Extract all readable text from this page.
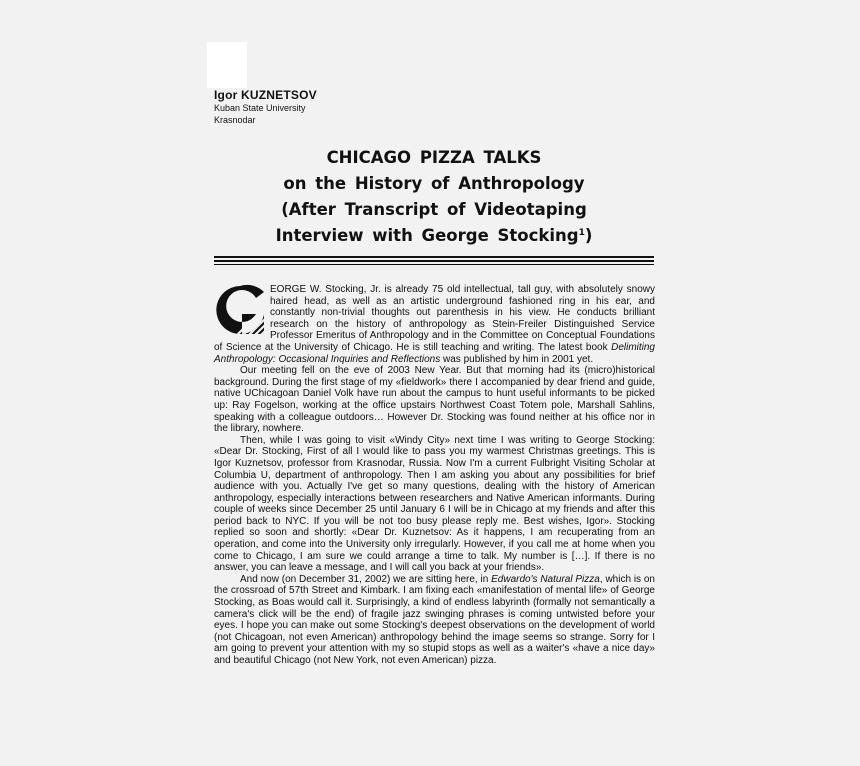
Igor KUZNETSOV

Kuban State University

Krasnodar

CHICAGO PIZZA TALKS
on the History of Anthropology
(After Transcript of Videotaping
Interview with George Stocking$^1$)

EORGE W. Stocking, Jr. is already 75 old intellectual, tall guy, with absolutely snowy haired head, as well as an artistic underground fashioned ring in his ear, and constantly non-trivial thoughts out parenthesis in his view. He conducts brilliant research on the history of anthropology as Stein-Freiler Distinguished Service Professor Emeritus of Anthropology and in the Committee on Conceptual Foundations of Science at the University of Chicago. He is still teaching and writing. The latest book Delimiting Anthropology: Occasional Inquiries and Reflections was published by him in 2001 yet.

Our meeting fell on the eve of 2003 New Year. But that morning had its (micro)historical background. During the first stage of my «fieldwork» there I accompanied by dear friend and guide, native UChicagoan Daniel Volk have run about the campus to hunt useful informants to be picked up: Ray Fogelson, working at the office upstairs Northwest Coast Totem pole, Marshall Sahlins, speaking with a colleague outdoors… However Dr. Stocking was found neither at his office nor in the library, nowhere.

Then, while I was going to visit «Windy City» next time I was writing to George Stocking: «Dear Dr. Stocking, First of all I would like to pass you my warmest Christmas greetings. This is Igor Kuznetsov, professor from Krasnodar, Russia. Now I'm a current Fulbright Visiting Scholar at Columbia U, department of anthropology. Then I am asking you about any possibilities for brief audience with you. Actually I've get so many questions, dealing with the history of American anthropology, especially interactions between researchers and Native American informants. During couple of weeks since December 25 until January 6 I will be in Chicago at my friends and after this period back to NYC. If you will be not too busy please reply me. Best wishes, Igor». Stocking replied so soon and shortly: «Dear Dr. Kuznetsov: As it happens, I am recuperating from an operation, and come into the University only irregularly. However, if you call me at home when you come to Chicago, I am sure we could arrange a time to talk. My number is […]. If there is no answer, you can leave a message, and I will call you back at your friends».

And now (on December 31, 2002) we are sitting here, in Edwardo's Natural Pizza, which is on the crossroad of 57th Street and Kimbark. I am fixing each «manifestation of mental life» of George Stocking, as Boas would call it. Surprisingly, a kind of endless labyrinth (formally not semantically a camera's click will be the end) of fragile jazz swinging phrases is coming untwisted before your eyes. I hope you can make out some Stocking's deepest observations on the development of world (not Chicagoan, not even American) anthropology behind the image seems so strange. Sorry for I am going to prevent your attention with my so stupid stops as well as a waiter's «have a nice day» and beautiful Chicago (not New York, not even American) pizza.
